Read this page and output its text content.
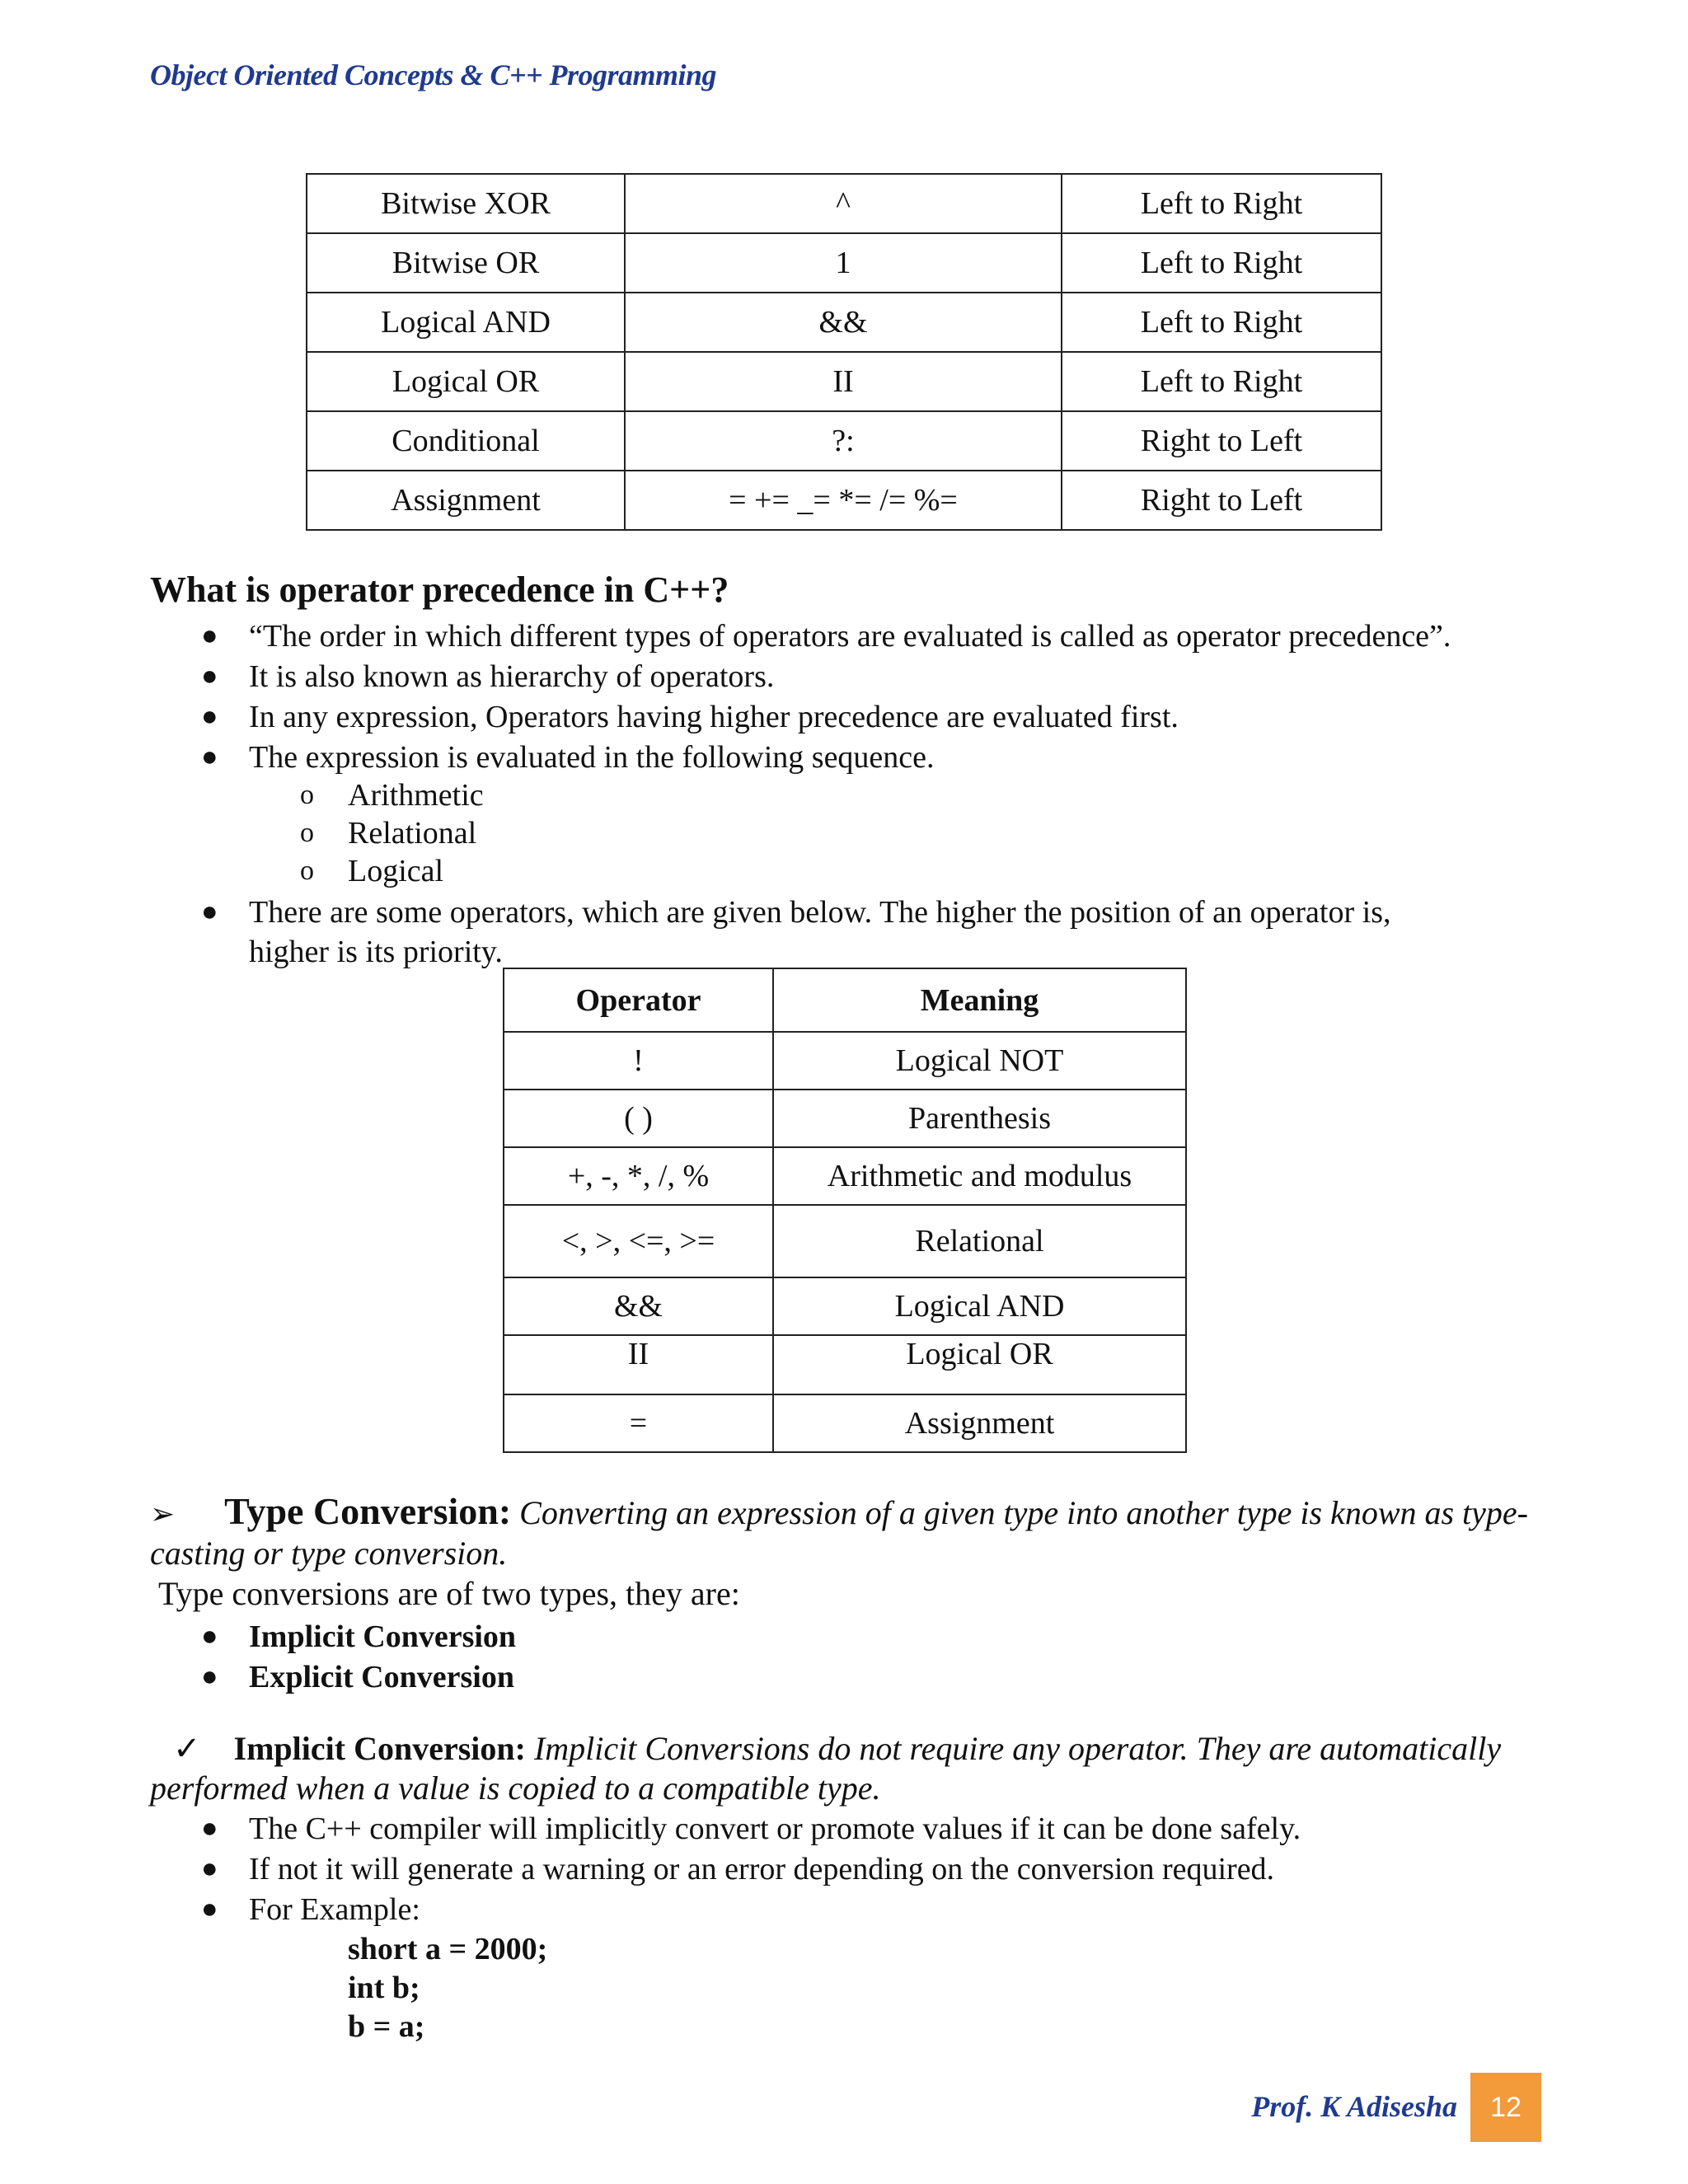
Object Oriented Concepts & C++ Programming
Bitwise XOR	^	Left to Right
Bitwise OR	1	Left to Right
Logical AND	&&	Left to Right
Logical OR	II	Left to Right
Conditional	?:	Right to Left
Assignment	= += _= *= /= %=	Right to Left
What is operator precedence in C++?
● “The order in which different types of operators are evaluated is called as operator precedence”.
● It is also known as hierarchy of operators.
● In any expression, Operators having higher precedence are evaluated first.
● The expression is evaluated in the following sequence.
o Arithmetic
o Relational
o Logical
● There are some operators, which are given below. The higher the position of an operator is,
higher is its priority.
Operator	Meaning
!	Logical NOT
( )	Parenthesis
+, -, *, /, %	Arithmetic and modulus
<, >, <=, >=	Relational
&&	Logical AND
II	Logical OR
=	Assignment
➢ Type Conversion: Converting an expression of a given type into another type is known as type-
casting or type conversion.
Type conversions are of two types, they are:
● Implicit Conversion
● Explicit Conversion
✓ Implicit Conversion: Implicit Conversions do not require any operator. They are automatically
performed when a value is copied to a compatible type.
● The C++ compiler will implicitly convert or promote values if it can be done safely.
● If not it will generate a warning or an error depending on the conversion required.
● For Example:
short a = 2000;
int b;
b = a;
Prof. K Adisesha	12
